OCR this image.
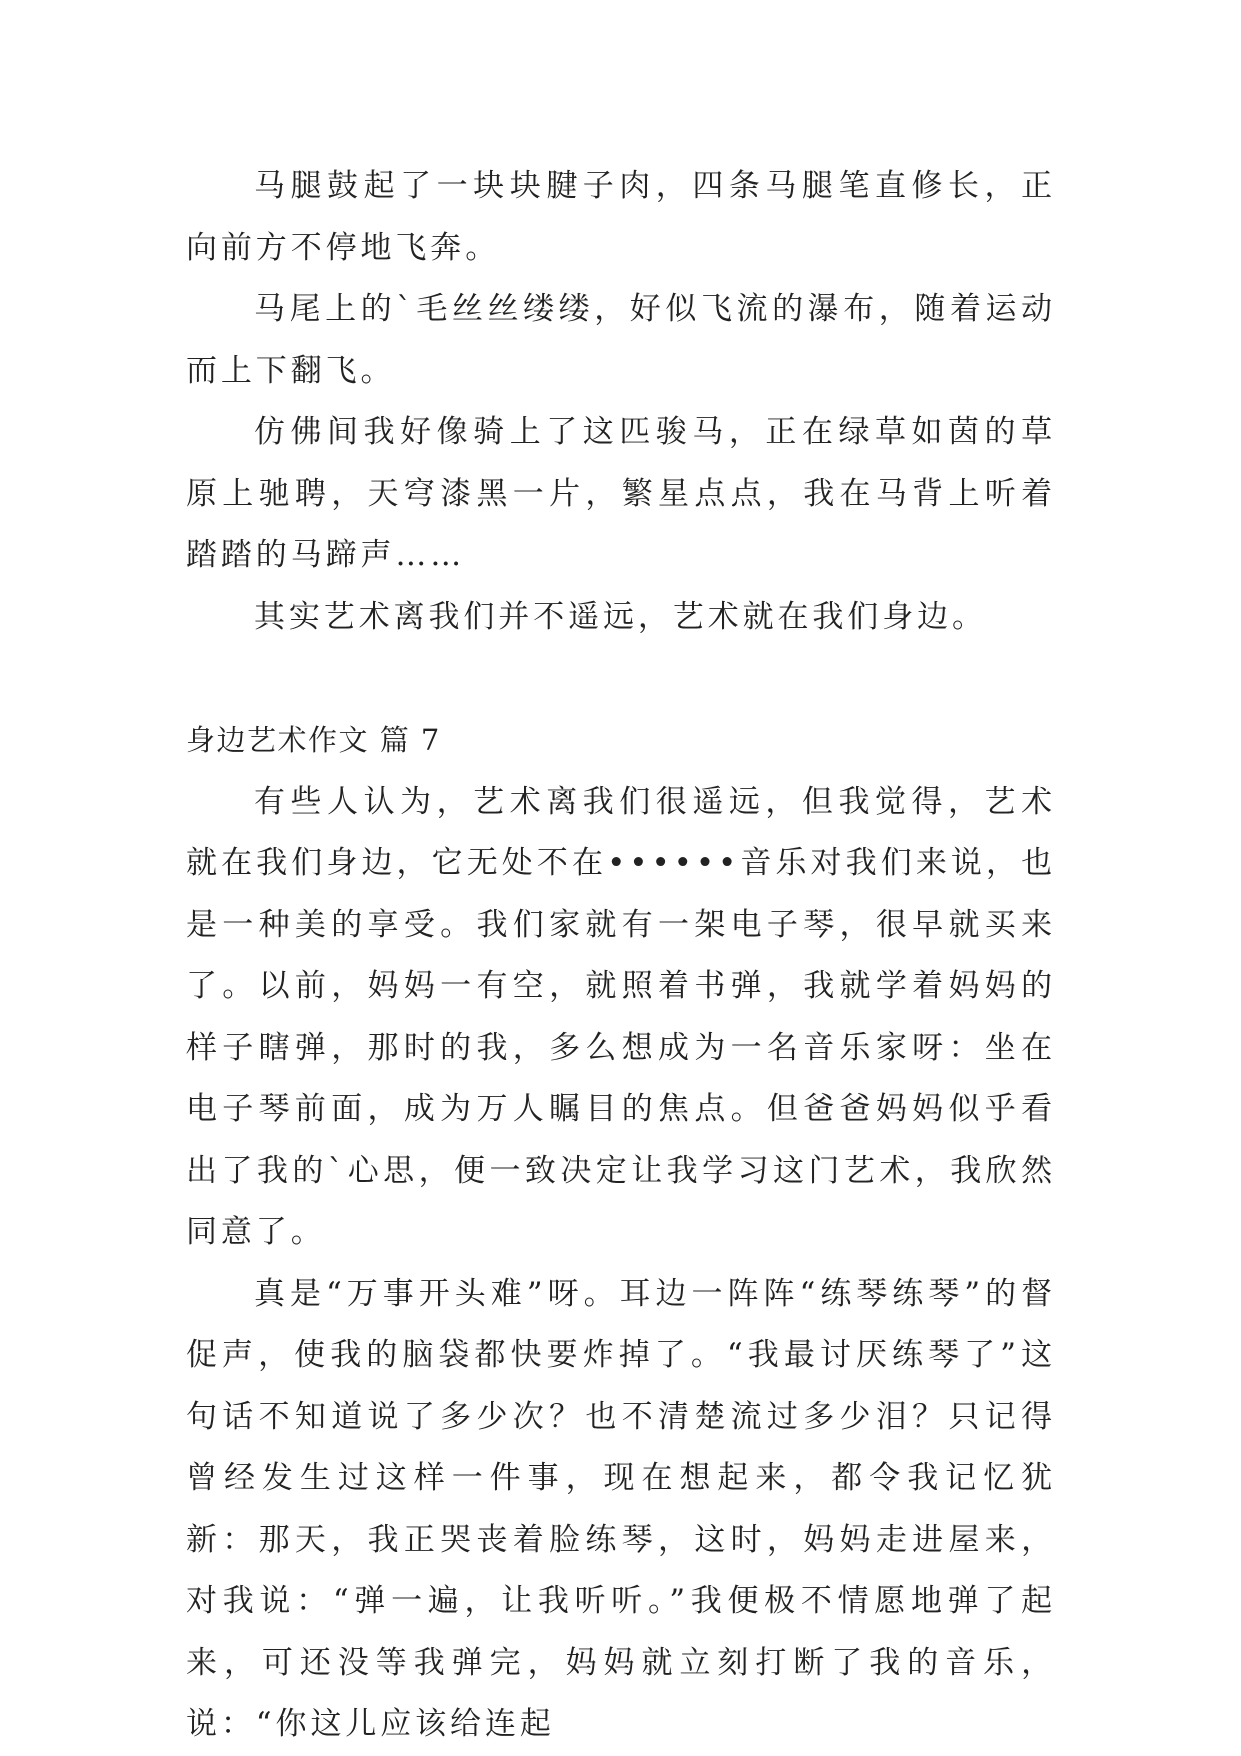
马腿鼓起了一块块腱子肉，四条马腿笔直修长，正向前方不停地飞奔。

马尾上的`毛丝丝缕缕，好似飞流的瀑布，随着运动而上下翻飞。

仿佛间我好像骑上了这匹骏马，正在绿草如茵的草原上驰聘，天穹漆黑一片，繁星点点，我在马背上听着踏踏的马蹄声……

其实艺术离我们并不遥远，艺术就在我们身边。

身边艺术作文 篇 7

有些人认为，艺术离我们很遥远，但我觉得，艺术就在我们身边，它无处不在••••••音乐对我们来说，也是一种美的享受。我们家就有一架电子琴，很早就买来了。以前，妈妈一有空，就照着书弹，我就学着妈妈的样子瞎弹，那时的我，多么想成为一名音乐家呀：坐在电子琴前面，成为万人瞩目的焦点。但爸爸妈妈似乎看出了我的`心思，便一致决定让我学习这门艺术，我欣然同意了。

真是“万事开头难”呀。耳边一阵阵“练琴练琴”的督促声，使我的脑袋都快要炸掉了。“我最讨厌练琴了”这句话不知道说了多少次？也不清楚流过多少泪？只记得曾经发生过这样一件事，现在想起来，都令我记忆犹新：那天，我正哭丧着脸练琴，这时，妈妈走进屋来，对我说：“弹一遍，让我听听。”我便极不情愿地弹了起来，可还没等我弹完，妈妈就立刻打断了我的音乐，说：“你这儿应该给连起
